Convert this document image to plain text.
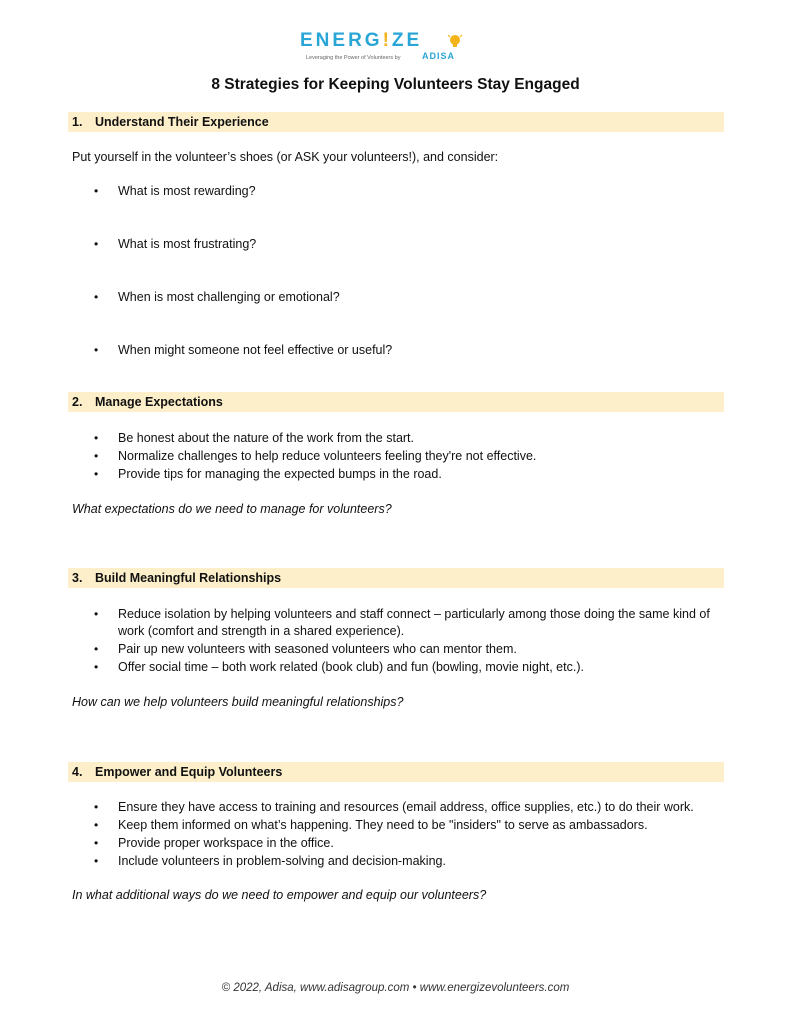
ENERG!ZE
Leveraging the Power of Volunteers by ADISA
8 Strategies for Keeping Volunteers Stay Engaged
1. Understand Their Experience
Put yourself in the volunteer’s shoes (or ASK your volunteers!), and consider:
•	What is most rewarding?
•	What is most frustrating?
•	When is most challenging or emotional?
•	When might someone not feel effective or useful?
2. Manage Expectations
•	Be honest about the nature of the work from the start.
•	Normalize challenges to help reduce volunteers feeling they're not effective.
•	Provide tips for managing the expected bumps in the road.
What expectations do we need to manage for volunteers?
3. Build Meaningful Relationships
•	Reduce isolation by helping volunteers and staff connect – particularly among those doing the same kind of work (comfort and strength in a shared experience).
•	Pair up new volunteers with seasoned volunteers who can mentor them.
•	Offer social time – both work related (book club) and fun (bowling, movie night, etc.).
How can we help volunteers build meaningful relationships?
4. Empower and Equip Volunteers
•	Ensure they have access to training and resources (email address, office supplies, etc.) to do their work.
•	Keep them informed on what’s happening. They need to be "insiders" to serve as ambassadors.
•	Provide proper workspace in the office.
•	Include volunteers in problem-solving and decision-making.
In what additional ways do we need to empower and equip our volunteers?
© 2022, Adisa, www.adisagroup.com • www.energizevolunteers.com
